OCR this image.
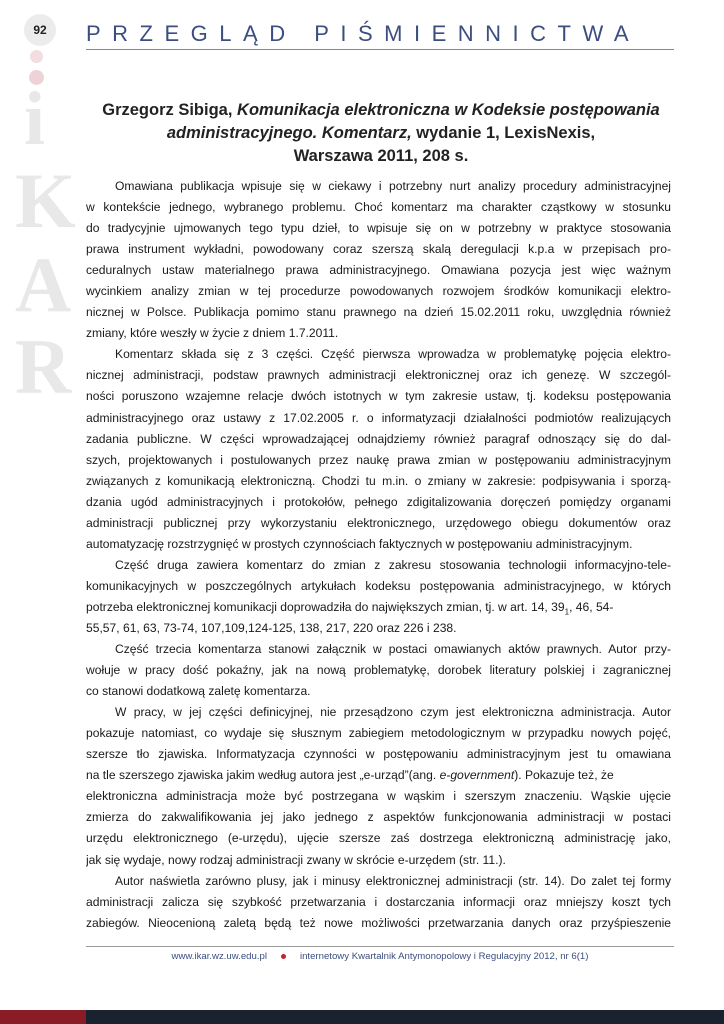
92	PRZEGLĄD PIŚMIENNICTWA
i
K
A
R
Grzegorz Sibiga, Komunikacja elektroniczna w Kodeksie postępowania
administracyjnego. Komentarz, wydanie 1, LexisNexis,
Warszawa 2011, 208 s.
Omawiana publikacja wpisuje się w ciekawy i potrzebny nurt analizy procedury administracyjnej
w kontekście jednego, wybranego problemu. Choć komentarz ma charakter cząstkowy w stosunku
do tradycyjnie ujmowanych tego typu dzieł, to wpisuje się on w potrzebny w praktyce stosowania
prawa instrument wykładni, powodowany coraz szerszą skalą deregulacji k.p.a w przepisach pro-
ceduralnych ustaw materialnego prawa administracyjnego. Omawiana pozycja jest więc ważnym
wycinkiem analizy zmian w tej procedurze powodowanych rozwojem środków komunikacji elektro-
nicznej w Polsce. Publikacja pomimo stanu prawnego na dzień 15.02.2011 roku, uwzględnia również
zmiany, które weszły w życie z dniem 1.7.2011.
Komentarz składa się z 3 części. Część pierwsza wprowadza w problematykę pojęcia elektro-
nicznej administracji, podstaw prawnych administracji elektronicznej oraz ich genezę. W szczegól-
ności poruszono wzajemne relacje dwóch istotnych w tym zakresie ustaw, tj. kodeksu postępowania
administracyjnego oraz ustawy z 17.02.2005 r. o informatyzacji działalności podmiotów realizujących
zadania publiczne. W części wprowadzającej odnajdziemy również paragraf odnoszący się do dal-
szych, projektowanych i postulowanych przez naukę prawa zmian w postępowaniu administracyjnym
związanych z komunikacją elektroniczną. Chodzi tu m.in. o zmiany w zakresie: podpisywania i sporzą-
dzania ugód administracyjnych i protokołów, pełnego zdigitalizowania doręczeń pomiędzy organami
administracji publicznej przy wykorzystaniu elektronicznego, urzędowego obiegu dokumentów oraz
automatyzację rozstrzygnięć w prostych czynnościach faktycznych w postępowaniu administracyjnym.
Część druga zawiera komentarz do zmian z zakresu stosowania technologii informacyjno-tele-
komunikacyjnych w poszczególnych artykułach kodeksu postępowania administracyjnego, w których
potrzeba elektronicznej komunikacji doprowadziła do największych zmian, tj. w art. 14, $39_1$, 46, 54-
55,57, 61, 63, 73-74, 107,109,124-125, 138, 217, 220 oraz 226 i 238.
Część trzecia komentarza stanowi załącznik w postaci omawianych aktów prawnych. Autor przy-
wołuje w pracy dość pokaźny, jak na nową problematykę, dorobek literatury polskiej i zagranicznej
co stanowi dodatkową zaletę komentarza.
W pracy, w jej części definicyjnej, nie przesądzono czym jest elektroniczna administracja. Autor
pokazuje natomiast, co wydaje się słusznym zabiegiem metodologicznym w przypadku nowych pojęć,
szersze tło zjawiska. Informatyzacja czynności w postępowaniu administracyjnym jest tu omawiana
na tle szerszego zjawiska jakim według autora jest „e-urząd”(ang. e-government). Pokazuje też, że
elektroniczna administracja może być postrzegana w wąskim i szerszym znaczeniu. Wąskie ujęcie
zmierza do zakwalifikowania jej jako jednego z aspektów funkcjonowania administracji w postaci
urzędu elektronicznego (e-urzędu), ujęcie szersze zaś dostrzega elektroniczną administrację jako,
jak się wydaje, nowy rodzaj administracji zwany w skrócie e-urzędem (str. 11.).
Autor naświetla zarówno plusy, jak i minusy elektronicznej administracji (str. 14). Do zalet tej formy
administracji zalicza się szybkość przetwarzania i dostarczania informacji oraz mniejszy koszt tych
zabiegów. Nieocenioną zaletą będą też nowe możliwości przetwarzania danych oraz przyśpieszenie
www.ikar.wz.uw.edu.pl	internetowy Kwartalnik Antymonopolowy i Regulacyjny 2012, nr 6(1)
